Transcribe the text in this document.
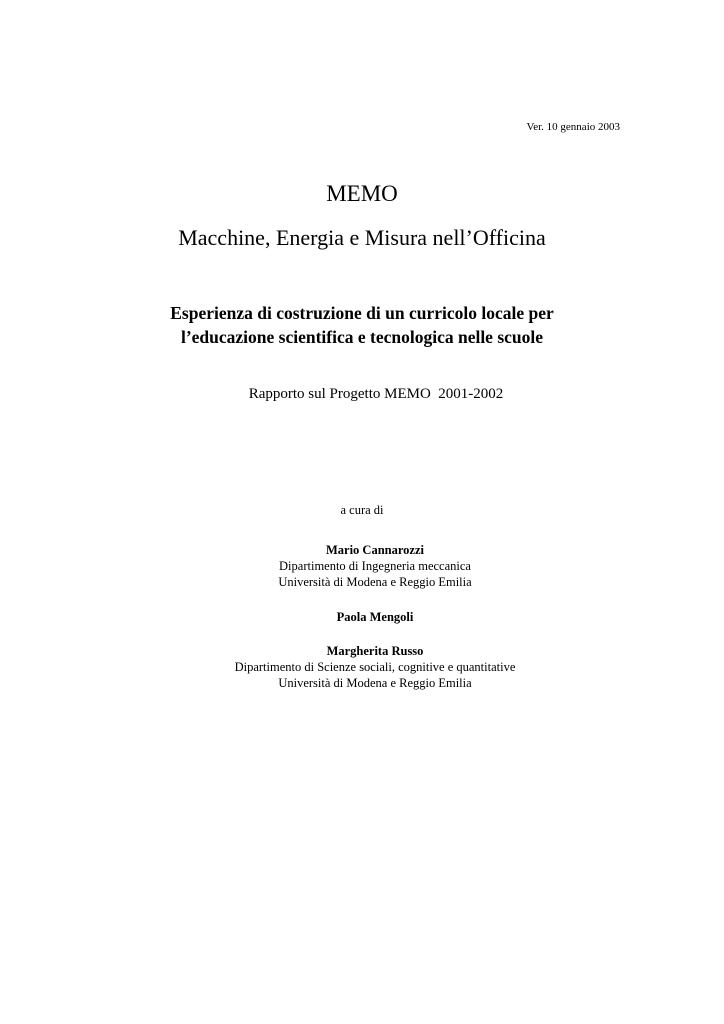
Ver. 10 gennaio 2003
MEMO
Macchine, Energia e Misura nell’Officina
Esperienza di costruzione di un curricolo locale per
l’educazione scientifica e tecnologica nelle scuole
Rapporto sul Progetto MEMO  2001-2002
a cura di
Mario Cannarozzi
Dipartimento di Ingegneria meccanica
Università di Modena e Reggio Emilia
Paola Mengoli
Margherita Russo
Dipartimento di Scienze sociali, cognitive e quantitative
Università di Modena e Reggio Emilia
